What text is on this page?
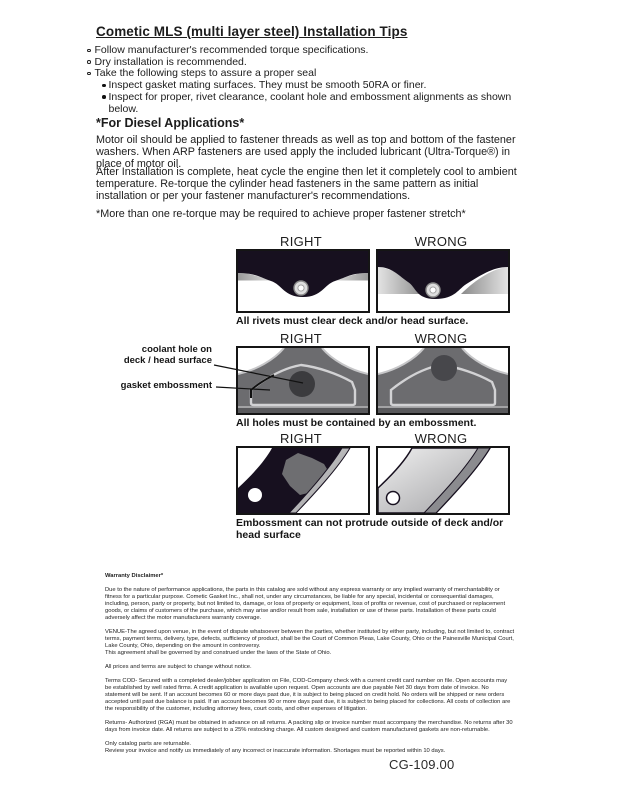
Cometic MLS (multi layer steel) Installation Tips
Follow manufacturer's recommended torque specifications.
Dry installation is recommended.
Take the following steps to assure a proper seal
Inspect gasket mating surfaces. They must be smooth 50RA or finer.
Inspect for proper, rivet clearance, coolant hole and embossment alignments as shown below.
*For Diesel Applications*
Motor oil should be applied to fastener threads as well as top and bottom of the fastener washers. When ARP fasteners are used apply the included lubricant (Ultra-Torque®) in place of motor oil.
After Installation is complete, heat cycle the engine then let it completely cool to ambient temperature. Re-torque the cylinder head fasteners in the same pattern as initial installation or per your fastener manufacturer's recommendations.
*More than one re-torque may be required to achieve proper fastener stretch*
RIGHT	WRONG
All rivets must clear deck and/or head surface.
RIGHT	WRONG
coolant hole on
deck / head surface
gasket embossment
All holes must be contained by an embossment.
RIGHT	WRONG
Embossment can not protrude outside of deck and/or head surface
Warranty Disclaimer*

Due to the nature of performance applications, the parts in this catalog are sold without any express warranty or any implied warranty of merchantability or fitness for a particular purpose. Cometic Gasket Inc., shall not, under any circumstances, be liable for any special, incidental or consequential damages, including, person, party or property, but not limited to, damage, or loss of property or equipment, loss of profits or revenue, cost of purchased or replacement goods, or claims of customers of the purchase, which may arise and/or result from sale, installation or use of these parts. Installation of these parts could adversely affect the motor manufacturers warranty coverage.

VENUE-The agreed upon venue, in the event of dispute whatsoever between the parties, whether instituted by either party, including, but not limited to, contract terms, payment terms, delivery, type, defects, sufficiency of product, shall be the Court of Common Pleas, Lake County, Ohio or the Painesville Municipal Court, Lake County, Ohio, depending on the amount in controversy.

This agreement shall be governed by and construed under the laws of the State of Ohio.

All prices and terms are subject to change without notice.

Terms COD- Secured with a completed dealer/jobber application on File, COD-Company check with a current credit card number on file. Open accounts may be established by well rated firms. A credit application is available upon request. Open accounts are due payable Net 30 days from date of invoice. No statement will be sent. If an account becomes 60 or more days past due, it is subject to being placed on credit hold. No orders will be shipped or new orders accepted until past due balance is paid. If an account becomes 90 or more days past due, it is subject to being placed for collections. All costs of collection are the responsibility of the customer, including attorney fees, court costs, and other expenses of litigation.

Returns- Authorized (RGA) must be obtained in advance on all returns. A packing slip or invoice number must accompany the merchandise. No returns after 30 days from invoice date. All returns are subject to a 25% restocking charge. All custom designed and custom manufactured gaskets are non-returnable.

Only catalog parts are returnable.

Review your invoice and notify us immediately of any incorrect or inaccurate information. Shortages must be reported within 10 days.

CG-109.00
